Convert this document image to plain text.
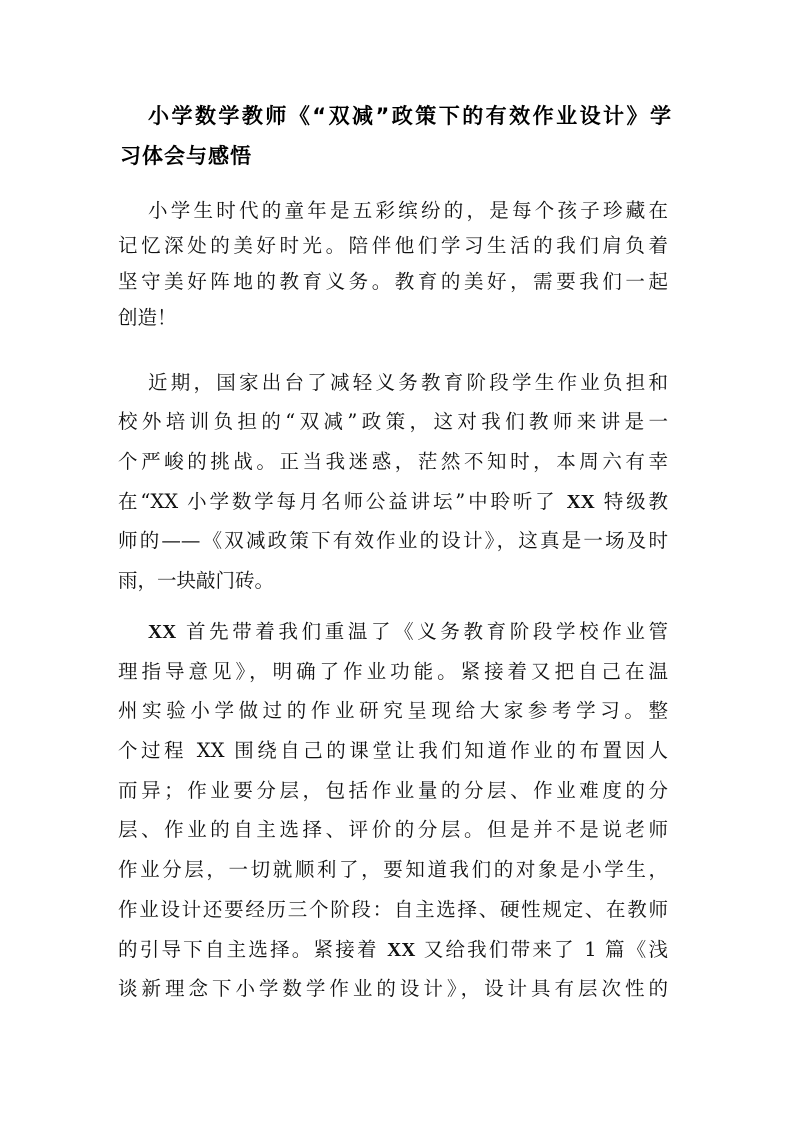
小学数学教师《“双减”政策下的有效作业设计》学
习体会与感悟
小学生时代的童年是五彩缤纷的，是每个孩子珍藏在
记忆深处的美好时光。陪伴他们学习生活的我们肩负着
坚守美好阵地的教育义务。教育的美好，需要我们一起
创造！
近期，国家出台了减轻义务教育阶段学生作业负担和
校外培训负担的“双减”政策，这对我们教师来讲是一
个严峻的挑战。正当我迷惑，茫然不知时，本周六有幸
在“XX 小学数学每月名师公益讲坛”中聆听了 XX 特级教
师的——《双减政策下有效作业的设计》，这真是一场及时
雨，一块敲门砖。
XX 首先带着我们重温了《义务教育阶段学校作业管
理指导意见》，明确了作业功能。紧接着又把自己在温
州实验小学做过的作业研究呈现给大家参考学习。整
个过程 XX 围绕自己的课堂让我们知道作业的布置因人
而异；作业要分层，包括作业量的分层、作业难度的分
层、作业的自主选择、评价的分层。但是并不是说老师
作业分层，一切就顺利了，要知道我们的对象是小学生，
作业设计还要经历三个阶段：自主选择、硬性规定、在教师
的引导下自主选择。紧接着 XX 又给我们带来了 1 篇《浅
谈新理念下小学数学作业的设计》，设计具有层次性的
